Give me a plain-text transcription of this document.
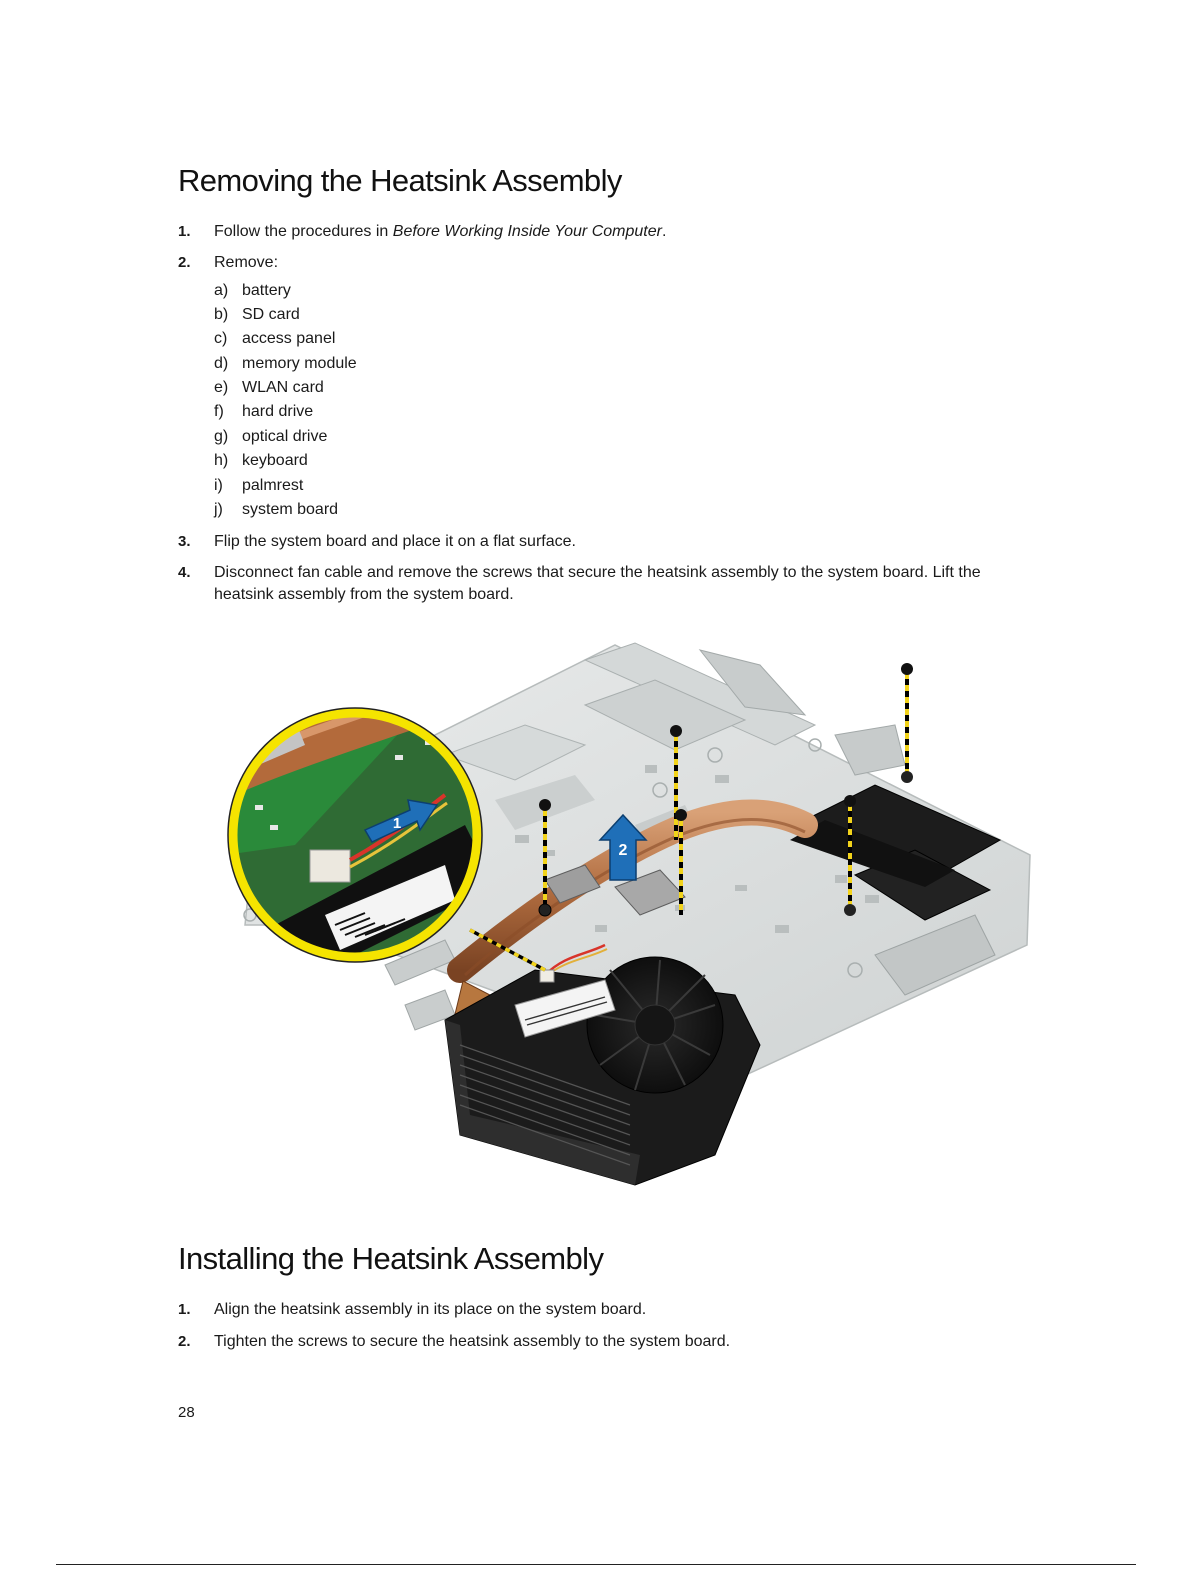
Removing the Heatsink Assembly
1. Follow the procedures in Before Working Inside Your Computer.
2. Remove:
a) battery
b) SD card
c) access panel
d) memory module
e) WLAN card
f) hard drive
g) optical drive
h) keyboard
i) palmrest
j) system board
3. Flip the system board and place it on a flat surface.
4. Disconnect fan cable and remove the screws that secure the heatsink assembly to the system board. Lift the heatsink assembly from the system board.
2
1
Installing the Heatsink Assembly
1. Align the heatsink assembly in its place on the system board.
2. Tighten the screws to secure the heatsink assembly to the system board.
28
